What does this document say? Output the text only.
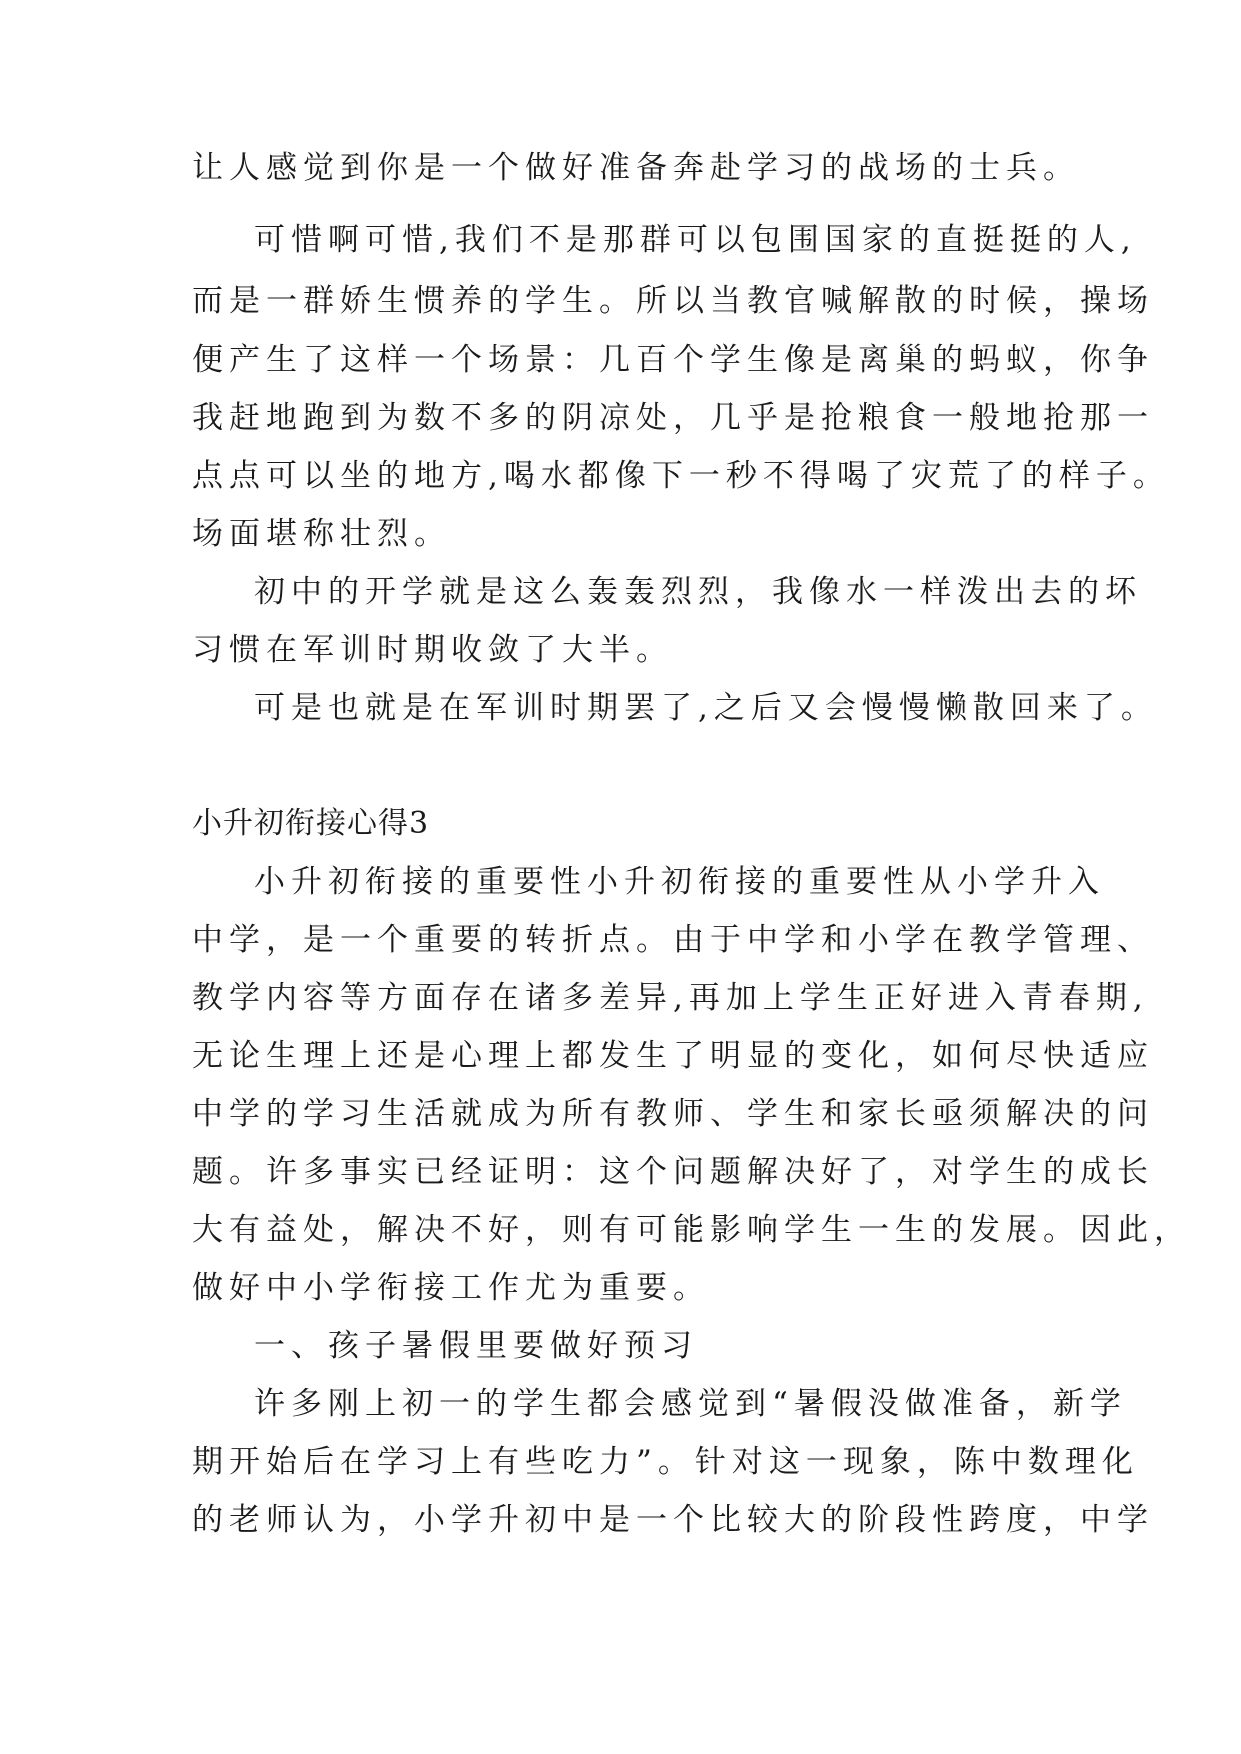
让人感觉到你是一个做好准备奔赴学习的战场的士兵。
可惜啊可惜,我们不是那群可以包围国家的直挺挺的人,
而是一群娇生惯养的学生。所以当教官喊解散的时候，操场
便产生了这样一个场景：几百个学生像是离巢的蚂蚁，你争
我赶地跑到为数不多的阴凉处，几乎是抢粮食一般地抢那一
点点可以坐的地方,喝水都像下一秒不得喝了灾荒了的样子。
场面堪称壮烈。
初中的开学就是这么轰轰烈烈，我像水一样泼出去的坏
习惯在军训时期收敛了大半。
可是也就是在军训时期罢了,之后又会慢慢懒散回来了。
小升初衔接心得3
小升初衔接的重要性小升初衔接的重要性从小学升入
中学，是一个重要的转折点。由于中学和小学在教学管理、
教学内容等方面存在诸多差异,再加上学生正好进入青春期,
无论生理上还是心理上都发生了明显的变化，如何尽快适应
中学的学习生活就成为所有教师、学生和家长亟须解决的问
题。许多事实已经证明：这个问题解决好了，对学生的成长
大有益处，解决不好，则有可能影响学生一生的发展。因此，
做好中小学衔接工作尤为重要。
一、孩子暑假里要做好预习
许多刚上初一的学生都会感觉到“暑假没做准备，新学
期开始后在学习上有些吃力”。针对这一现象，陈中数理化
的老师认为，小学升初中是一个比较大的阶段性跨度，中学
